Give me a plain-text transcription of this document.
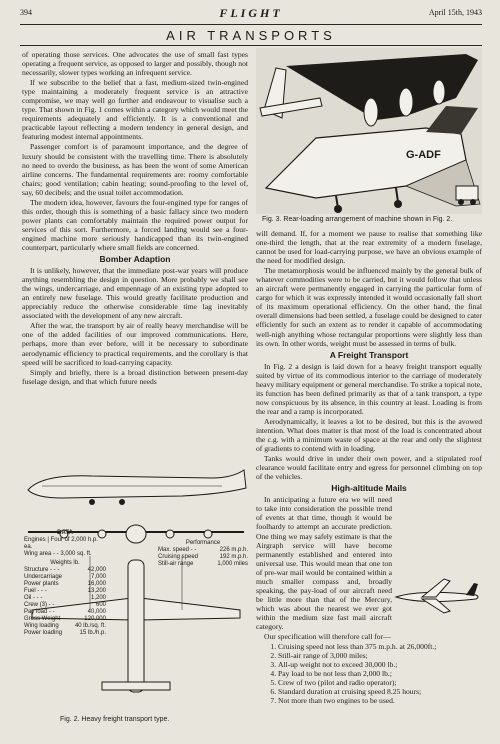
394	FLIGHT	April 15th, 1943
AIR TRANSPORTS

of operating those services. One advocates the use of small fast types operating a frequent service, as opposed to larger and possibly, though not necessarily, slower types working an infrequent service.

If we subscribe to the belief that a fast, medium-sized twin-engined type maintaining a moderately frequent service is an attractive compromise, we may well go further and endeavour to visualise such a type. That shown in Fig. 1 comes within a category which would meet the requirements adequately and efficiently. It is a conventional and practicable layout reflecting a modern tendency in general design, and featuring modest internal appointments.

Passenger comfort is of paramount importance, and the degree of luxury should be consistent with the travelling time. There is absolutely no need to overdo the business, as has been the wont of some American airline concerns. The fundamental requirements are: roomy comfortable chairs; good ventilation; cabin heating; sound-proofing to the level of, say, 60 decibels; and the usual toilet accommodation.

The modern idea, however, favours the four-engined type for ranges of this order, though this is something of a basic fallacy since two modern power plants can comfortably maintain the required power output for services of this sort. Furthermore, a forced landing would see a four-engined machine more seriously handicapped than its twin-engined counterpart, particularly where small fields are concerned.

Bomber Adaption

It is unlikely, however, that the immediate post-war years will produce anything resembling the design in question. More probably we shall see the wings, undercarriage, and empennage of an existing type adopted to an entirely new fuselage. This would greatly facilitate production and appreciably reduce the otherwise considerable time lag inevitably associated with the development of any new aircraft.

After the war, the transport by air of really heavy merchandise will be one of the added facilities of our improved communications. Here, perhaps, more than ever before, will it be necessary to subordinate aerodynamic efficiency to practical requirements, and the corollary is that speed will be sacrificed to load-carrying capacity.

Simply and briefly, there is a broad distinction between present-day fuselage design, and that which future needs

G-ADF
Fig. 3. Rear-loading arrangement of machine shown in Fig. 2.

will demand. If, for a moment we pause to realise that something like one-third the length, that at the rear extremity of a modern fuselage, cannot be used for load-carrying purpose, we have an obvious example of the need for modified design.

The metamorphosis would be influenced mainly by the general bulk of whatever commodities were to be carried, but it would follow that unless an aircraft were permanently engaged in carrying the particular form of cargo for which it was expressly intended it would occasionally fall short of its maximum operational efficiency. On the other hand, the final overall dimensions had been settled, a fuselage could be designed to cater efficiently for such an extent as to render it capable of accommodating well-nigh anything whose rectangular proportions were slightly less than its own. In other words, weight must be assessed in terms of bulk.

A Freight Transport

In Fig. 2 a design is laid down for a heavy freight transport equally suited by virtue of its commodious interior to the carriage of moderately heavy military equipment or general merchandise. To strike a topical note, its function has been defined primarily as that of a tank transport, a type now conspicuous by its absence, in this country at least. Loading is from the rear and a ramp is incorporated.

Aerodynamically, it leaves a lot to be desired, but this is the avowed intention. What does matter is that most of the load is concentrated about the c.g. with a minimum waste of space at the rear and only the slightest of gradients to contend with in loading.

Tanks would drive in under their own power, and a stipulated roof clearance would facilitate entry and egress for personnel climbing on top of the vehicles.

High-altitude Mails

In anticipating a future era we will need to take into consideration the possible trend of events at that time, though it would be foolhardy to attempt an accurate prediction. One thing we may safely estimate is that the Airgraph service will have become permanently established and entered into universal use. This would mean that one ton of pre-war mail would be contained within a much smaller compass and, broadly speaking, the pay-load of our aircraft need be little more than that of the Mercury, which was about the nearest we ever got within the medium size fast mail aircraft category.

Our specification will therefore call for—

1. Cruising speed not less than 375 m.p.h. at 26,000ft.;
2. Still-air range of 3,000 miles;
3. All-up weight not to exceed 30,000 lb.;
4. Pay load to be not less than 2,000 lb.;
5. Crew of two (pilot and radio operator);
6. Standard duration at cruising speed 8.25 hours;
7. Not more than two engines to be used.
DATA
Engines | Four of 2,000 h.p. ea.
Wing area - - 3,000 sq. ft.
Weights lb.
Structure - - -	42,000
Undercarriage	7,000
Power plants	16,000
Fuel - - -	13,200
Oil - - -	1,200
Crew (3) - -	600
Pay load - -	40,000
Gross Weight	120,000
Wing loading	40 lb./sq. ft.
Power loading	15 lb./h.p.
Performance
Max. speed - -	226 m.p.h.
Cruising speed	192 m.p.h.
Still-air range	1,000 miles
Fig. 2. Heavy freight transport type.
